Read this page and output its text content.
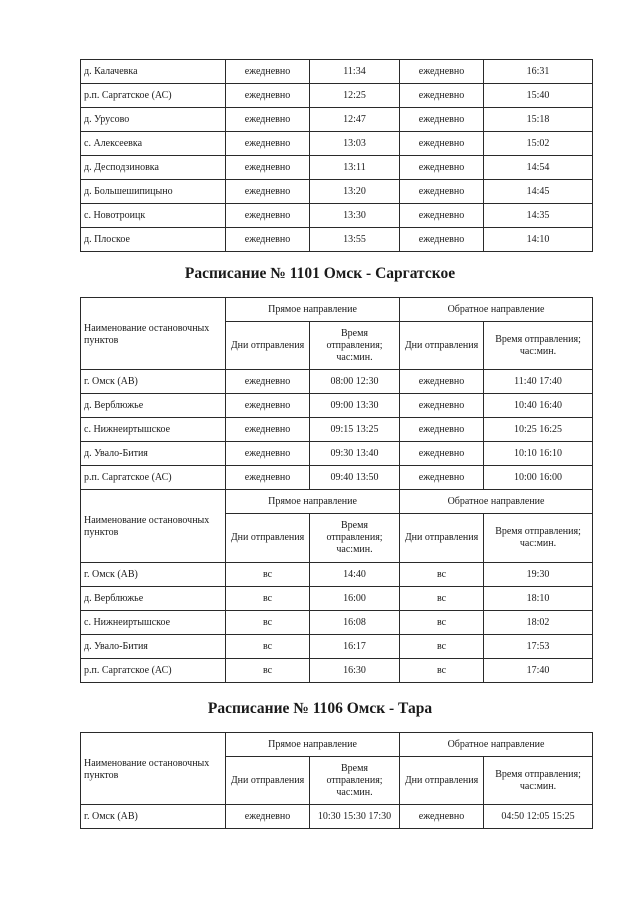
д. Калачевка	ежедневно	11:34	ежедневно	16:31
р.п. Саргатское (АС)	ежедневно	12:25	ежедневно	15:40
д. Урусово	ежедневно	12:47	ежедневно	15:18
с. Алексеевка	ежедневно	13:03	ежедневно	15:02
д. Десподзиновка	ежедневно	13:11	ежедневно	14:54
д. Большешипицыно	ежедневно	13:20	ежедневно	14:45
с. Новотроицк	ежедневно	13:30	ежедневно	14:35
д. Плоское	ежедневно	13:55	ежедневно	14:10
Расписание № 1101 Омск - Саргатское
Наименование остановочных пунктов	Прямое направление		Обратное направление	
	Дни отправления	Время отправления; час:мин.	Дни отправления	Время отправления; час:мин.
г. Омск (АВ)	ежедневно	08:00 12:30	ежедневно	11:40 17:40
д. Верблюжье	ежедневно	09:00 13:30	ежедневно	10:40 16:40
с. Нижнеиртышское	ежедневно	09:15 13:25	ежедневно	10:25 16:25
д. Увало-Бития	ежедневно	09:30 13:40	ежедневно	10:10 16:10
р.п. Саргатское (АС)	ежедневно	09:40 13:50	ежедневно	10:00 16:00
Наименование остановочных пунктов	Прямое направление		Обратное направление	
	Дни отправления	Время отправления; час:мин.	Дни отправления	Время отправления; час:мин.
г. Омск (АВ)	вс	14:40	вс	19:30
д. Верблюжье	вс	16:00	вс	18:10
с. Нижнеиртышское	вс	16:08	вс	18:02
д. Увало-Бития	вс	16:17	вс	17:53
р.п. Саргатское (АС)	вс	16:30	вс	17:40
Расписание № 1106 Омск - Тара
Наименование остановочных пунктов	Прямое направление		Обратное направление	
	Дни отправления	Время отправления; час:мин.	Дни отправления	Время отправления; час:мин.
г. Омск (АВ)	ежедневно	10:30 15:30 17:30	ежедневно	04:50 12:05 15:25
